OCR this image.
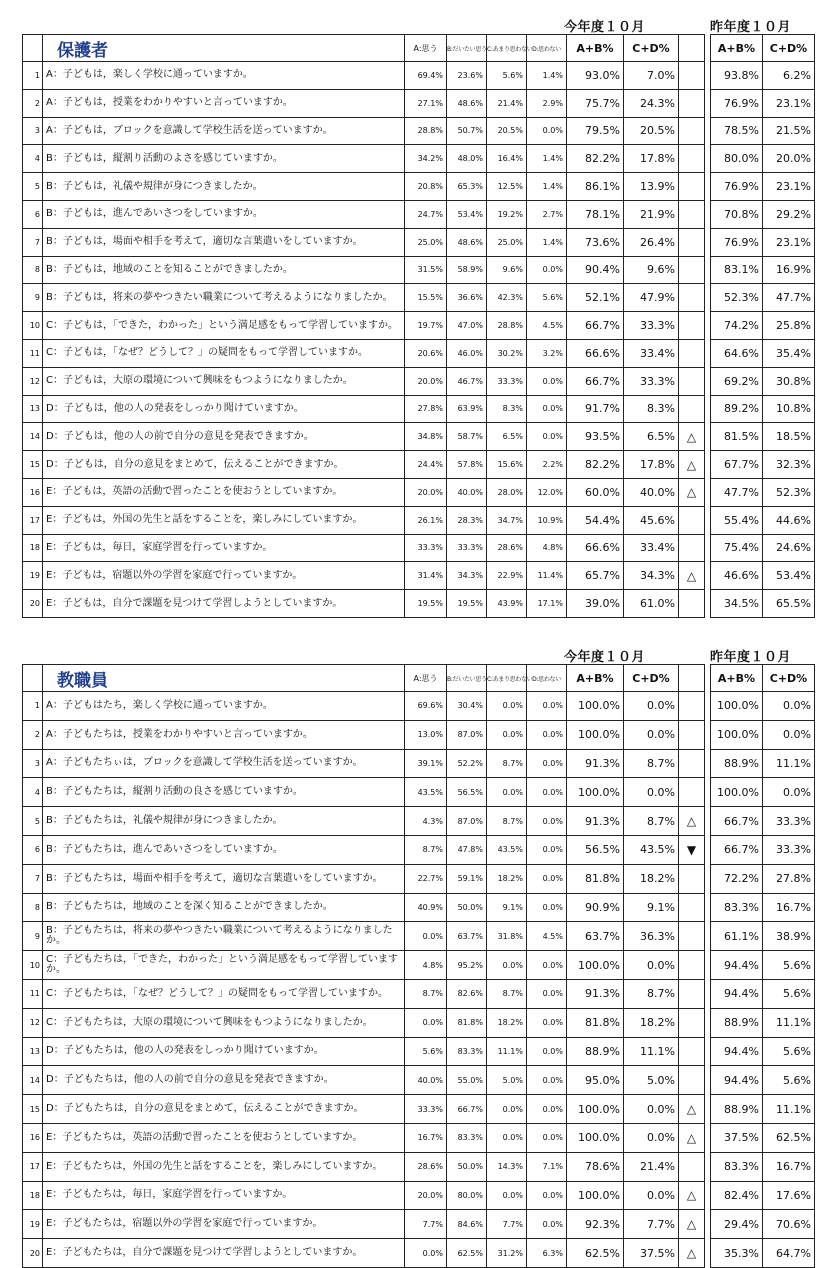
今年度１０月	昨年度１０月
	保護者	A:思う	B:だいたい思う	C:あまり思わない	D:思わない	A+B%	C+D%			A+B%	C+D%
1	A：子どもは，楽しく学校に通っていますか。	69.4%	23.6%	5.6%	1.4%	93.0%	7.0%			93.8%	6.2%
2	A：子どもは，授業をわかりやすいと言っていますか。	27.1%	48.6%	21.4%	2.9%	75.7%	24.3%			76.9%	23.1%
3	A：子どもは，ブロックを意識して学校生活を送っていますか。	28.8%	50.7%	20.5%	0.0%	79.5%	20.5%			78.5%	21.5%
4	B：子どもは，縦割り活動のよさを感じていますか。	34.2%	48.0%	16.4%	1.4%	82.2%	17.8%			80.0%	20.0%
5	B：子どもは，礼儀や規律が身につきましたか。	20.8%	65.3%	12.5%	1.4%	86.1%	13.9%			76.9%	23.1%
6	B：子どもは，進んであいさつをしていますか。	24.7%	53.4%	19.2%	2.7%	78.1%	21.9%			70.8%	29.2%
7	B：子どもは，場面や相手を考えて，適切な言葉遣いをしていますか。	25.0%	48.6%	25.0%	1.4%	73.6%	26.4%			76.9%	23.1%
8	B：子どもは，地域のことを知ることができましたか。	31.5%	58.9%	9.6%	0.0%	90.4%	9.6%			83.1%	16.9%
9	B：子どもは，将来の夢やつきたい職業について考えるようになりましたか。	15.5%	36.6%	42.3%	5.6%	52.1%	47.9%			52.3%	47.7%
10	C：子どもは，「できた，わかった」という満足感をもって学習していますか。	19.7%	47.0%	28.8%	4.5%	66.7%	33.3%			74.2%	25.8%
11	C：子どもは，「なぜ？どうして？」の疑問をもって学習していますか。	20.6%	46.0%	30.2%	3.2%	66.6%	33.4%			64.6%	35.4%
12	C：子どもは，大原の環境について興味をもつようになりましたか。	20.0%	46.7%	33.3%	0.0%	66.7%	33.3%			69.2%	30.8%
13	D：子どもは，他の人の発表をしっかり聞けていますか。	27.8%	63.9%	8.3%	0.0%	91.7%	8.3%			89.2%	10.8%
14	D：子どもは，他の人の前で自分の意見を発表できますか。	34.8%	58.7%	6.5%	0.0%	93.5%	6.5%	△		81.5%	18.5%
15	D：子どもは，自分の意見をまとめて，伝えることができますか。	24.4%	57.8%	15.6%	2.2%	82.2%	17.8%	△		67.7%	32.3%
16	E：子どもは，英語の活動で習ったことを使おうとしていますか。	20.0%	40.0%	28.0%	12.0%	60.0%	40.0%	△		47.7%	52.3%
17	E：子どもは，外国の先生と話をすることを，楽しみにしていますか。	26.1%	28.3%	34.7%	10.9%	54.4%	45.6%			55.4%	44.6%
18	E：子どもは，毎日，家庭学習を行っていますか。	33.3%	33.3%	28.6%	4.8%	66.6%	33.4%			75.4%	24.6%
19	E：子どもは，宿題以外の学習を家庭で行っていますか。	31.4%	34.3%	22.9%	11.4%	65.7%	34.3%	△		46.6%	53.4%
20	E：子どもは，自分で課題を見つけて学習しようとしていますか。	19.5%	19.5%	43.9%	17.1%	39.0%	61.0%			34.5%	65.5%
今年度１０月	昨年度１０月
	教職員	A:思う	B:だいたい思う	C:あまり思わない	D:思わない	A+B%	C+D%			A+B%	C+D%
1	A：子どもはたち，楽しく学校に通っていますか。	69.6%	30.4%	0.0%	0.0%	100.0%	0.0%			100.0%	0.0%
2	A：子どもたちは，授業をわかりやすいと言っていますか。	13.0%	87.0%	0.0%	0.0%	100.0%	0.0%			100.0%	0.0%
3	A：子どもたちぃは，ブロックを意識して学校生活を送っていますか。	39.1%	52.2%	8.7%	0.0%	91.3%	8.7%			88.9%	11.1%
4	B：子どもたちは，縦割り活動の良さを感じていますか。	43.5%	56.5%	0.0%	0.0%	100.0%	0.0%			100.0%	0.0%
5	B：子どもたちは，礼儀や規律が身につきましたか。	4.3%	87.0%	8.7%	0.0%	91.3%	8.7%	△		66.7%	33.3%
6	B：子どもたちは，進んであいさつをしていますか。	8.7%	47.8%	43.5%	0.0%	56.5%	43.5%	▼		66.7%	33.3%
7	B：子どもたちは，場面や相手を考えて，適切な言葉遣いをしていますか。	22.7%	59.1%	18.2%	0.0%	81.8%	18.2%			72.2%	27.8%
8	B：子どもたちは，地域のことを深く知ることができましたか。	40.9%	50.0%	9.1%	0.0%	90.9%	9.1%			83.3%	16.7%
9	B：子どもたちは，将来の夢やつきたい職業について考えるようになりましたか。	0.0%	63.7%	31.8%	4.5%	63.7%	36.3%			61.1%	38.9%
10	C：子どもたちは，「できた，わかった」という満足感をもって学習していますか。	4.8%	95.2%	0.0%	0.0%	100.0%	0.0%			94.4%	5.6%
11	C：子どもたちは，「なぜ？どうして？」の疑問をもって学習していますか。	8.7%	82.6%	8.7%	0.0%	91.3%	8.7%			94.4%	5.6%
12	C：子どもたちは，大原の環境について興味をもつようになりましたか。	0.0%	81.8%	18.2%	0.0%	81.8%	18.2%			88.9%	11.1%
13	D：子どもたちは，他の人の発表をしっかり聞けていますか。	5.6%	83.3%	11.1%	0.0%	88.9%	11.1%			94.4%	5.6%
14	D：子どもたちは，他の人の前で自分の意見を発表できますか。	40.0%	55.0%	5.0%	0.0%	95.0%	5.0%			94.4%	5.6%
15	D：子どもたちは，自分の意見をまとめて，伝えることができますか。	33.3%	66.7%	0.0%	0.0%	100.0%	0.0%	△		88.9%	11.1%
16	E：子どもたちは，英語の活動で習ったことを使おうとしていますか。	16.7%	83.3%	0.0%	0.0%	100.0%	0.0%	△		37.5%	62.5%
17	E：子どもたちは，外国の先生と話をすることを，楽しみにしていますか。	28.6%	50.0%	14.3%	7.1%	78.6%	21.4%			83.3%	16.7%
18	E：子どもたちは，毎日，家庭学習を行っていますか。	20.0%	80.0%	0.0%	0.0%	100.0%	0.0%	△		82.4%	17.6%
19	E：子どもたちは，宿題以外の学習を家庭で行っていますか。	7.7%	84.6%	7.7%	0.0%	92.3%	7.7%	△		29.4%	70.6%
20	E：子どもたちは，自分で課題を見つけて学習しようとしていますか。	0.0%	62.5%	31.2%	6.3%	62.5%	37.5%	△		35.3%	64.7%
